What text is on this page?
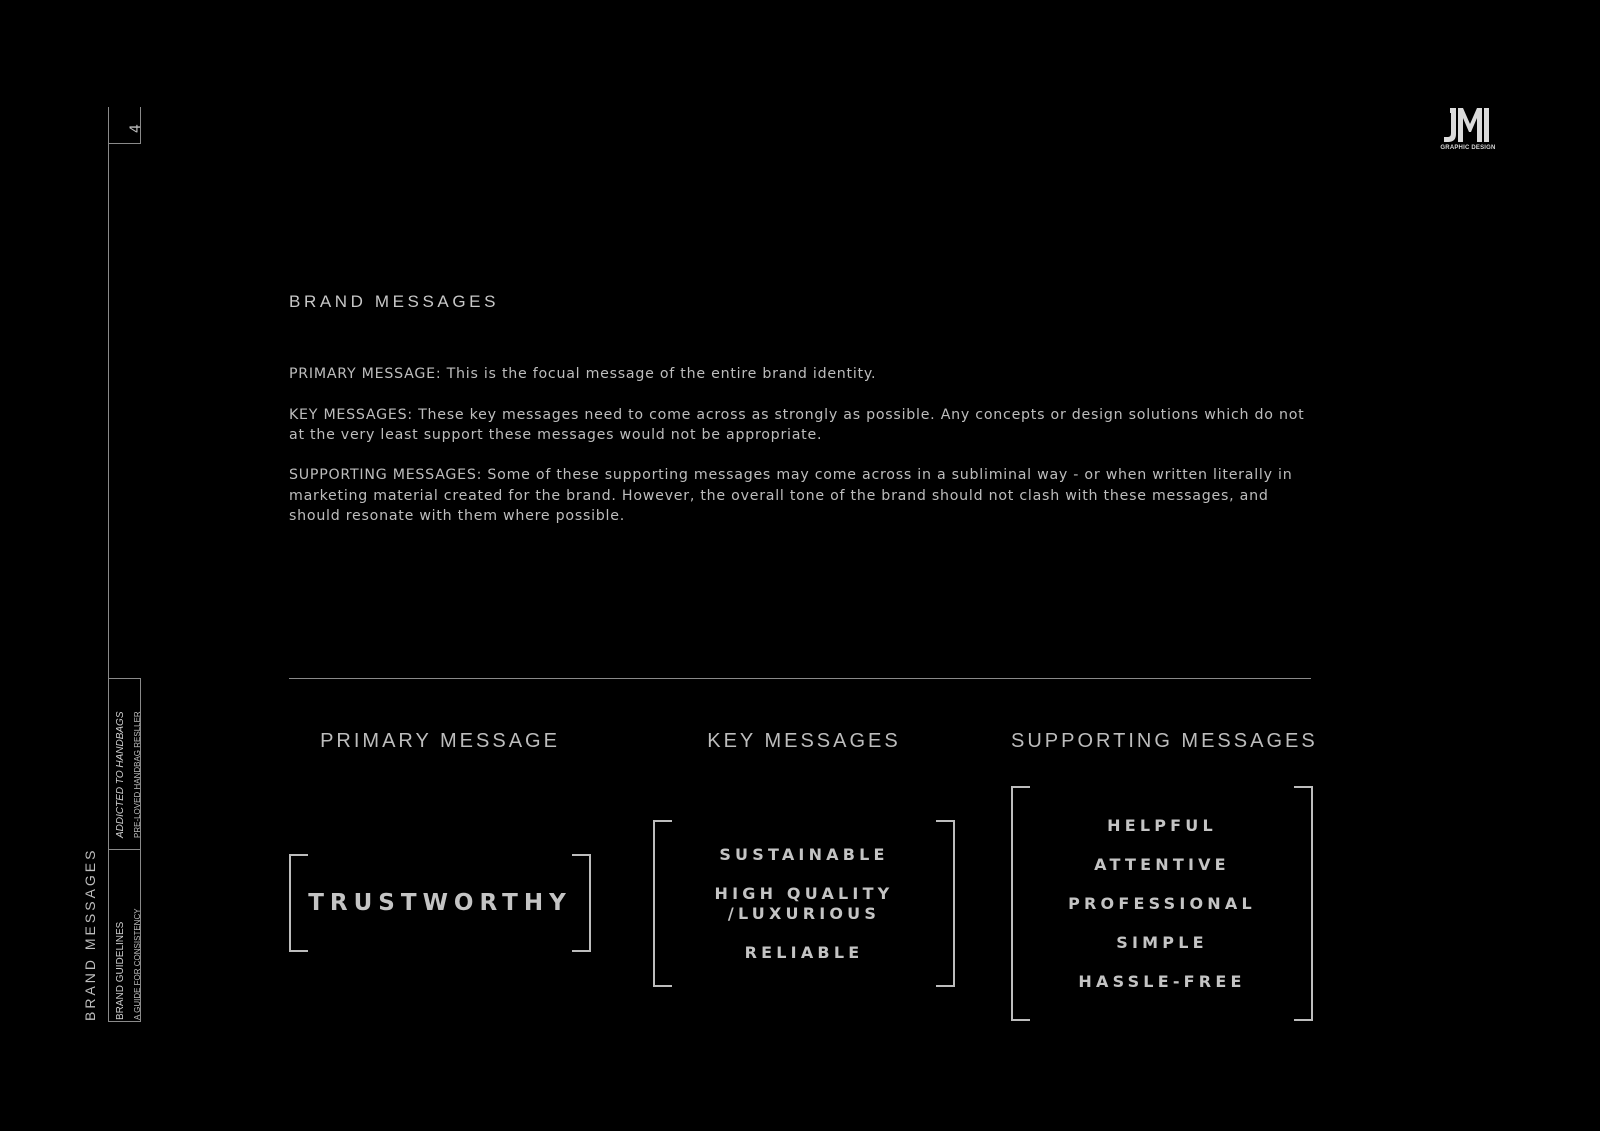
4
BRAND MESSAGES BRAND GUIDELINES A GUIDE FOR CONSISTENCY
ADDICTED TO HANDBAGS PRE-LOVED HANDBAG RESLLER
GRAPHIC DESIGN
BRAND MESSAGES

PRIMARY MESSAGE: This is the focual message of the entire brand identity.

KEY MESSAGES: These key messages need to come across as strongly as possible. Any concepts or design solutions which do not at the very least support these messages would not be appropriate.

SUPPORTING MESSAGES: Some of these supporting messages may come across in a subliminal way - or when written literally in marketing material created for the brand. However, the overall tone of the brand should not clash with these messages, and should resonate with them where possible.

PRIMARY MESSAGE	KEY MESSAGES	SUPPORTING MESSAGES
TRUSTWORTHY
SUSTAINABLE
HIGH QUALITY
/LUXURIOUS
RELIABLE
HELPFUL
ATTENTIVE
PROFESSIONAL
SIMPLE
HASSLE-FREE
